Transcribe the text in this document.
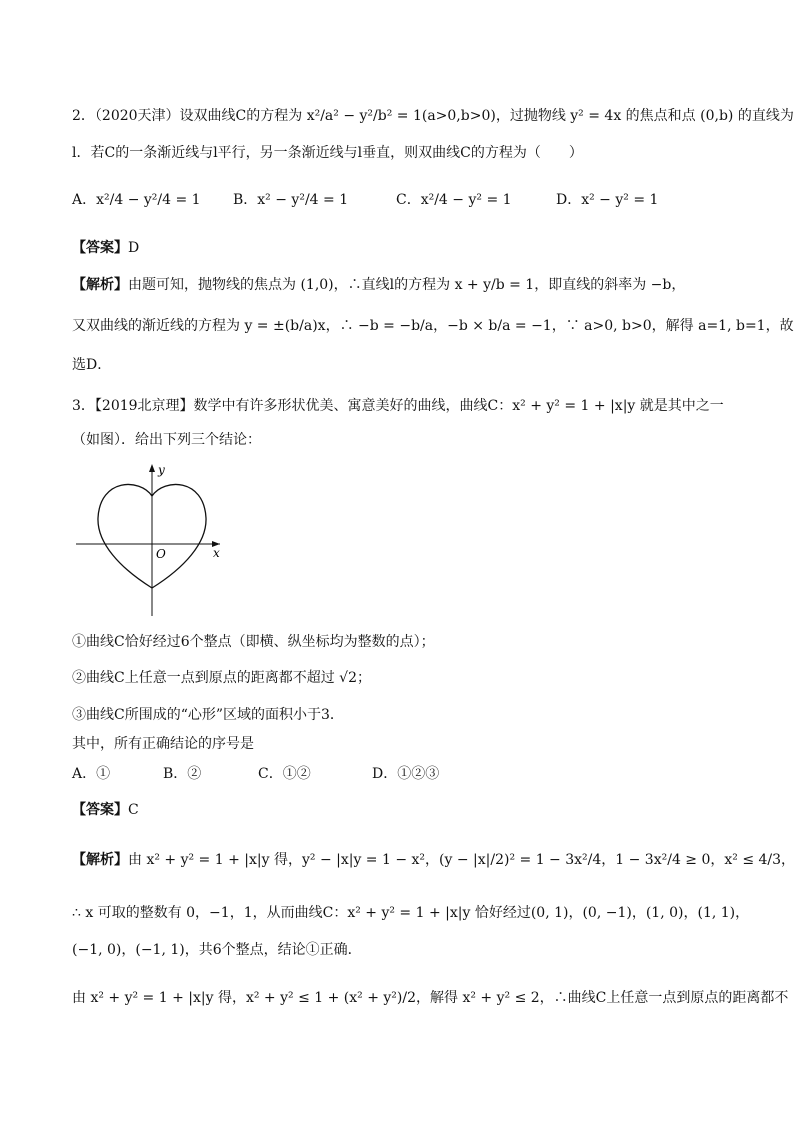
2．（2020天津）设双曲线C的方程为 x²/a² − y²/b² = 1(a>0,b>0)，过抛物线 y² = 4x 的焦点和点 (0,b) 的直线为
l．若C的一条渐近线与l平行，另一条渐近线与l垂直，则双曲线C的方程为（　　）
A．x²/4 − y²/4 = 1 B．x² − y²/4 = 1	C．x²/4 − y² = 1	D．x² − y² = 1
【答案】D
【解析】由题可知，抛物线的焦点为 (1,0)，∴直线l的方程为 x + y/b = 1，即直线的斜率为 −b，
又双曲线的渐近线的方程为 y = ±(b/a)x，∴ −b = −b/a，−b × b/a = −1，∵ a>0, b>0，解得 a=1, b=1，故
选D．
3．【2019北京理】数学中有许多形状优美、寓意美好的曲线，曲线C：x² + y² = 1 + |x|y 就是其中之一
（如图）．给出下列三个结论：
y
x
O
①曲线C恰好经过6个整点（即横、纵坐标均为整数的点）；
②曲线C上任意一点到原点的距离都不超过 √2；
③曲线C所围成的“心形”区域的面积小于3．
其中，所有正确结论的序号是
A．①	B．②	C．①②	D．①②③
【答案】C
【解析】由 x² + y² = 1 + |x|y 得，y² − |x|y = 1 − x²，(y − |x|/2)² = 1 − 3x²/4，1 − 3x²/4 ≥ 0，x² ≤ 4/3，
∴ x 可取的整数有 0，−1，1，从而曲线C：x² + y² = 1 + |x|y 恰好经过(0, 1)，(0, −1)，(1, 0)，(1, 1)，
(−1, 0)，(−1, 1)，共6个整点，结论①正确．
由 x² + y² = 1 + |x|y 得，x² + y² ≤ 1 + (x² + y²)/2，解得 x² + y² ≤ 2，∴曲线C上任意一点到原点的距离都不
